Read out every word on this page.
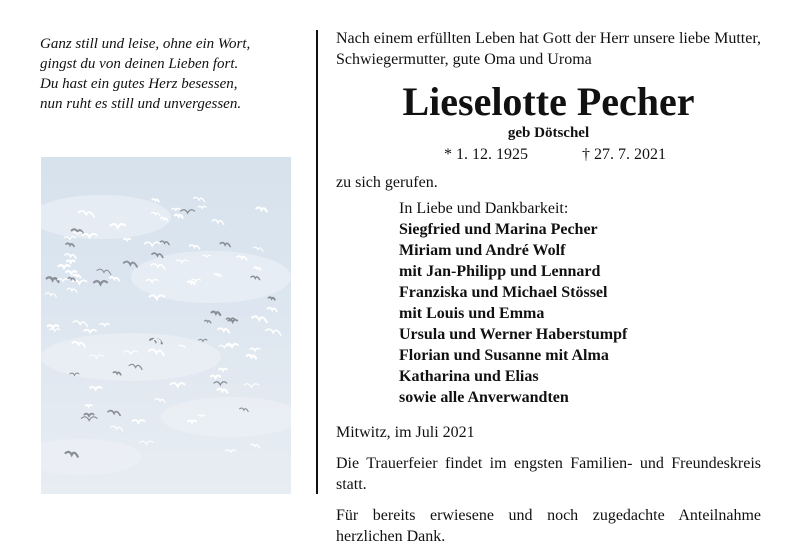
Ganz still und leise, ohne ein Wort,
gingst du von deinen Lieben fort.
Du hast ein gutes Herz besessen,
nun ruht es still und unvergessen.

Nach einem erfüllten Leben hat Gott der Herr unsere liebe Mutter, Schwiegermutter, gute Oma und Uroma

Lieselotte Pecher
geb Dötschel
* 1. 12. 1925	† 27. 7. 2021
zu sich gerufen.
In Liebe und Dankbarkeit:
Siegfried und Marina Pecher
Miriam und André Wolf
mit Jan-Philipp und Lennard
Franziska und Michael Stössel
mit Louis und Emma
Ursula und Werner Haberstumpf
Florian und Susanne mit Alma
Katharina und Elias
sowie alle Anverwandten
Mitwitz, im Juli 2021
Die Trauerfeier findet im engsten Familien- und Freundeskreis statt.
Für bereits erwiesene und noch zugedachte Anteilnahme herzlichen Dank.
